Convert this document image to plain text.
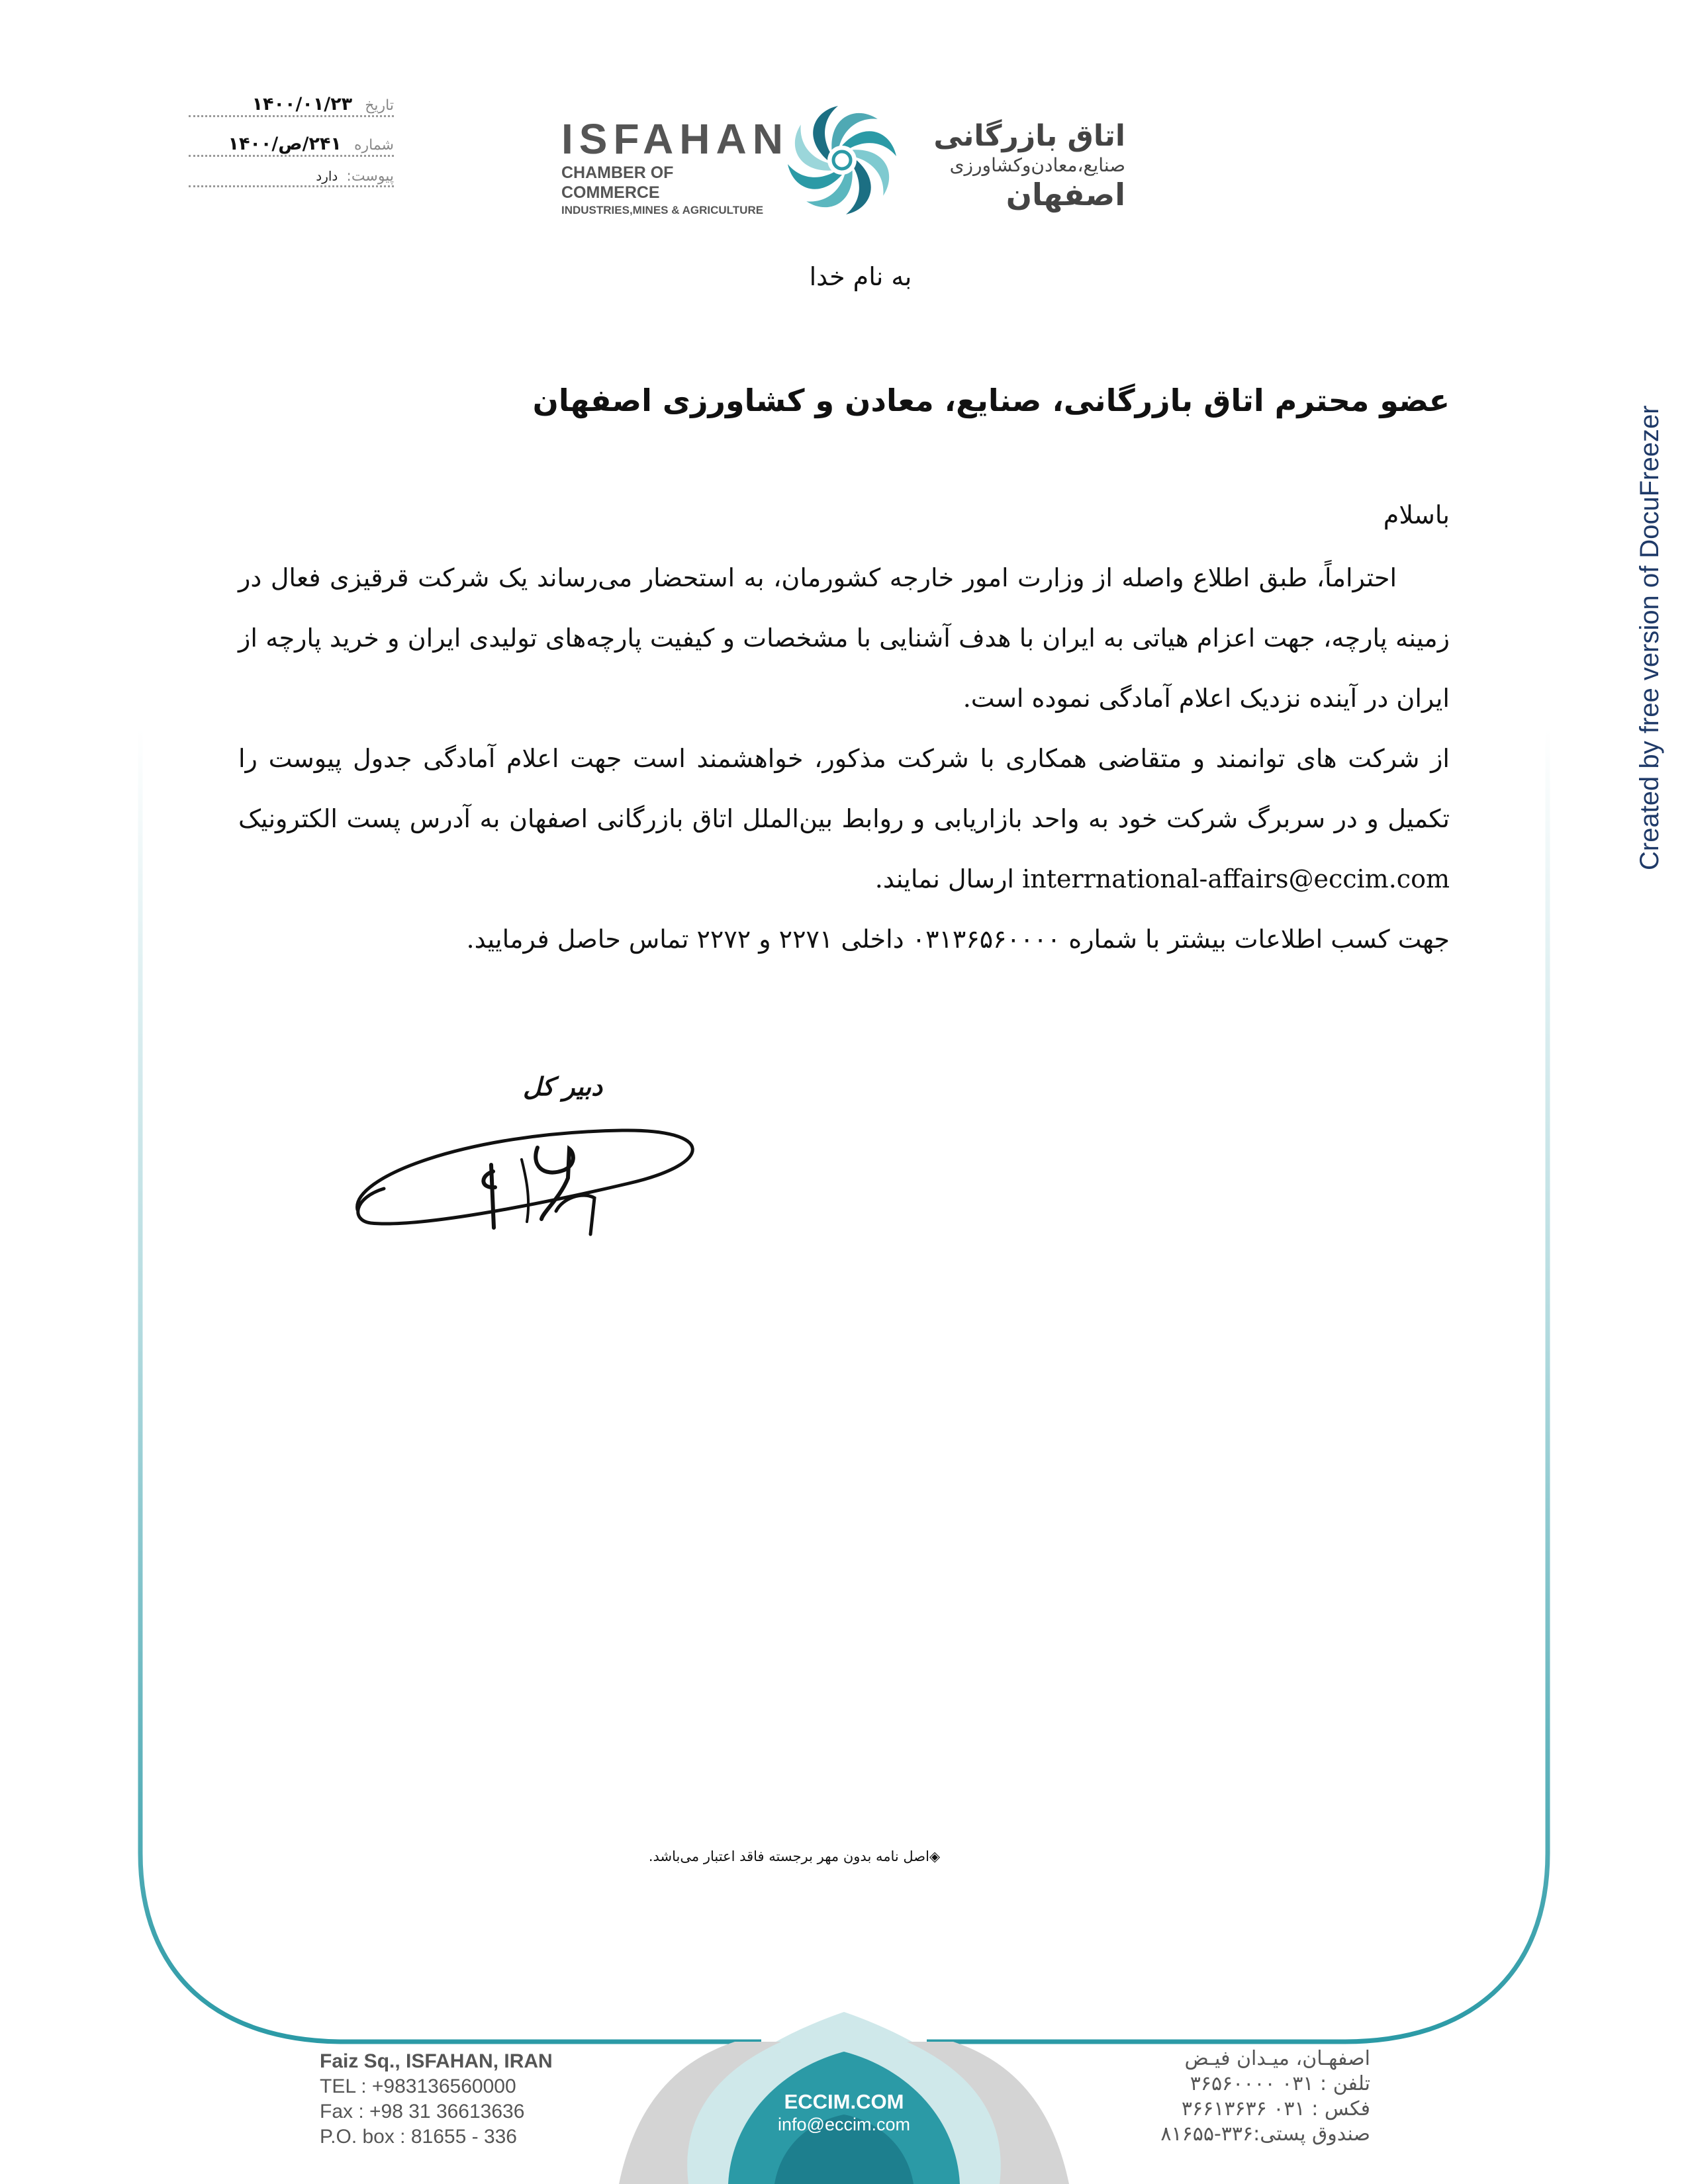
تاریخ ۱۴۰۰/۰۱/۲۳
شماره ۲۴۱/ص/۱۴۰۰
پیوست: دارد
ISFAHAN
CHAMBER OF COMMERCE
INDUSTRIES,MINES & AGRICULTURE
اتاق بازرگانی
صنایع،معادن‌وکشاورزی
اصفهان
به نام خدا
عضو محترم اتاق بازرگانی، صنایع، معادن و کشاورزی اصفهان
باسلام
احتراماً، طبق اطلاع واصله از وزارت امور خارجه کشورمان، به استحضار می‌رساند یک شرکت قرقیزی فعال در زمینه پارچه، جهت اعزام هیاتی به ایران با هدف آشنایی با مشخصات و کیفیت پارچه‌های تولیدی ایران و خرید پارچه از ایران در آینده نزدیک اعلام آمادگی نموده است.
از شرکت های توانمند و متقاضی همکاری با شرکت مذکور، خواهشمند است جهت اعلام آمادگی جدول پیوست را تکمیل و در سربرگ شرکت خود به واحد بازاریابی و روابط بین‌الملل اتاق بازرگانی اصفهان به آدرس پست الکترونیک interrnational-affairs@eccim.com ارسال نمایند.
جهت کسب اطلاعات بیشتر با شماره ۰۳۱۳۶۵۶۰۰۰۰ داخلی ۲۲۷۱ و ۲۲۷۲ تماس حاصل فرمایید.
دبیر کل
◈اصل نامه بدون مهر برجسته فاقد اعتبار می‌باشد.
Created by free version of DocuFreezer
Faiz Sq., ISFAHAN, IRAN
TEL : +983136560000
Fax : +98 31 36613636
P.O. box : 81655 - 336
اصفهـان، میـدان فیـض
تلفن : ۰۳۱ ۳۶۵۶۰۰۰۰
فکس : ۰۳۱ ۳۶۶۱۳۶۳۶
صندوق پستی:۳۳۶-۸۱۶۵۵
ECCIM.COM
info@eccim.com
